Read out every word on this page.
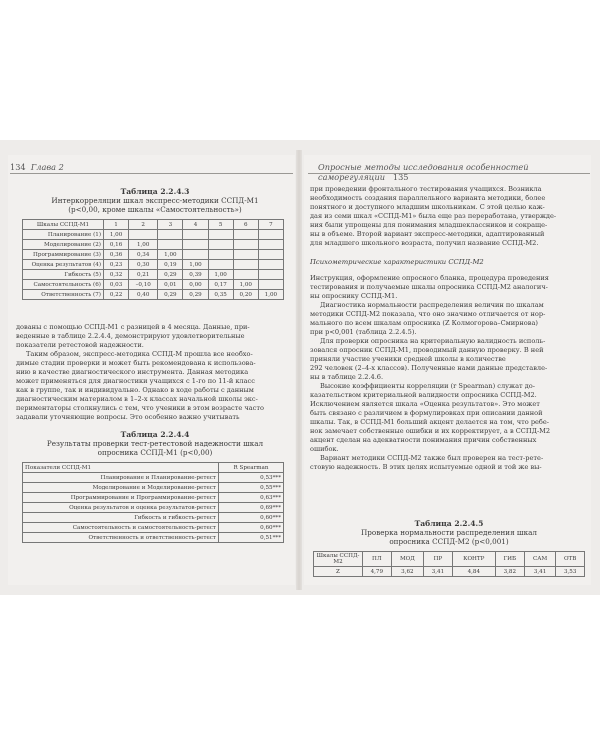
134 Глава 2	Опросные методы исследования особенностей саморегуляции 135
Таблица 2.2.4.3
Интеркорреляции шкал экспресс-методики ССПД-М1
(p<0,00, кроме шкалы «Самостоятельность»)
Шкалы ССПД-М1	1	2	3	4	5	6	7
Планирование (1)	1,00						
Моделирование (2)	0,16	1,00					
Программирование (3)	0,36	0,34	1,00				
Оценка результатов (4)	0,23	0,30	0,19	1,00			
Гибкость (5)	0,32	0,21	0,29	0,39	1,00		
Самостоятельность (6)	0,03	–0,10	0,01	0,00	0,17	1,00	
Ответственность (7)	0,22	0,40	0,29	0,29	0,35	0,20	1,00
дованы с помощью ССПД-М1 с разницей в 4 месяца. Данные, при-
веденные в таблице 2.2.4.4, демонстрируют удовлетворительные
показатели ретестовой надежности.
Таким образом, экспресс-методика ССПД-М прошла все необхо-
димые стадии проверки и может быть рекомендована к использова-
нию в качестве диагностического инструмента. Данная методика
может применяться для диагностики учащихся с 1-го по 11-й класс
как в группе, так и индивидуально. Однако в ходе работы с данным
диагностическим материалом в 1–2-х классах начальной школы экс-
периментаторы столкнулись с тем, что ученики в этом возрасте часто
задавали уточняющие вопросы. Это особенно важно учитывать
Таблица 2.2.4.4
Результаты проверки тест-ретестовой надежности шкал
опросника ССПД-М1 (p<0,00)
Показатели ССПД-М1	R Spearman
Планирование и Планирование-ретест	0,53***
Моделирование и Моделирование-ретест	0,55***
Программирование и Программирование-ретест	0,63***
Оценка результатов и оценка результатов-ретест	0,69***
Гибкость и гибкость-ретест	0,60***
Самостоятельность и самостоятельность-ретест	0,60***
Ответственность и ответственность-ретест	0,51***
при проведении фронтального тестирования учащихся. Возникла
необходимость создания параллельного варианта методики, более
понятного и доступного младшим школьникам. С этой целью каж-
дая из семи шкал «ССПД-М1» была еще раз переработана, утвержде-
ния были упрощены для понимания младшеклассников и сокраще-
ны в объеме. Второй вариант экспресс-методики, адаптированный
для младшего школьного возраста, получил название ССПД-М2.
Психометрические характеристики ССПД-М2
Инструкция, оформление опросного бланка, процедура проведения
тестирования и получаемые шкалы опросника ССПД-М2 аналогич-
ны опроснику ССПД-М1.
Диагностика нормальности распределения величин по шкалам
методики ССПД-М2 показала, что оно значимо отличается от нор-
мального по всем шкалам опросника (Z Колмогорова–Смирнова)
при p<0,001 (таблица 2.2.4.5).
Для проверки опросника на критериальную валидность исполь-
зовался опросник ССПД-М1, проводимый данную проверку. В ней
приняли участие ученики средней школы в количестве
292 человек (2–4-х классов). Полученные нами данные представле-
ны в таблице 2.2.4.6.
Высокие коэффициенты корреляции (r Spearman) служат до-
казательством критериальной валидности опросника ССПД-М2.
Исключением является шкала «Оценка результатов». Это может
быть связано с различием в формулировках при описании данной
шкалы. Так, в ССПД-М1 больший акцент делается на том, что ребе-
нок замечает собственные ошибки и их корректирует, а в ССПД-М2
акцент сделан на адекватности понимания причин собственных
ошибок.
Вариант методики ССПД-М2 также был проверен на тест-рете-
стовую надежность. В этих целях испытуемые одной и той же вы-
Таблица 2.2.4.5
Проверка нормальности распределения шкал
опросника ССПД-М2 (p<0,001)
Шкалы ССПД-М2	ПЛ	МОД	ПР	КОНТР	ГИБ	САМ	ОТВ
Z	4,79	3,62	3,41	4,84	3,82	3,41	3,53
